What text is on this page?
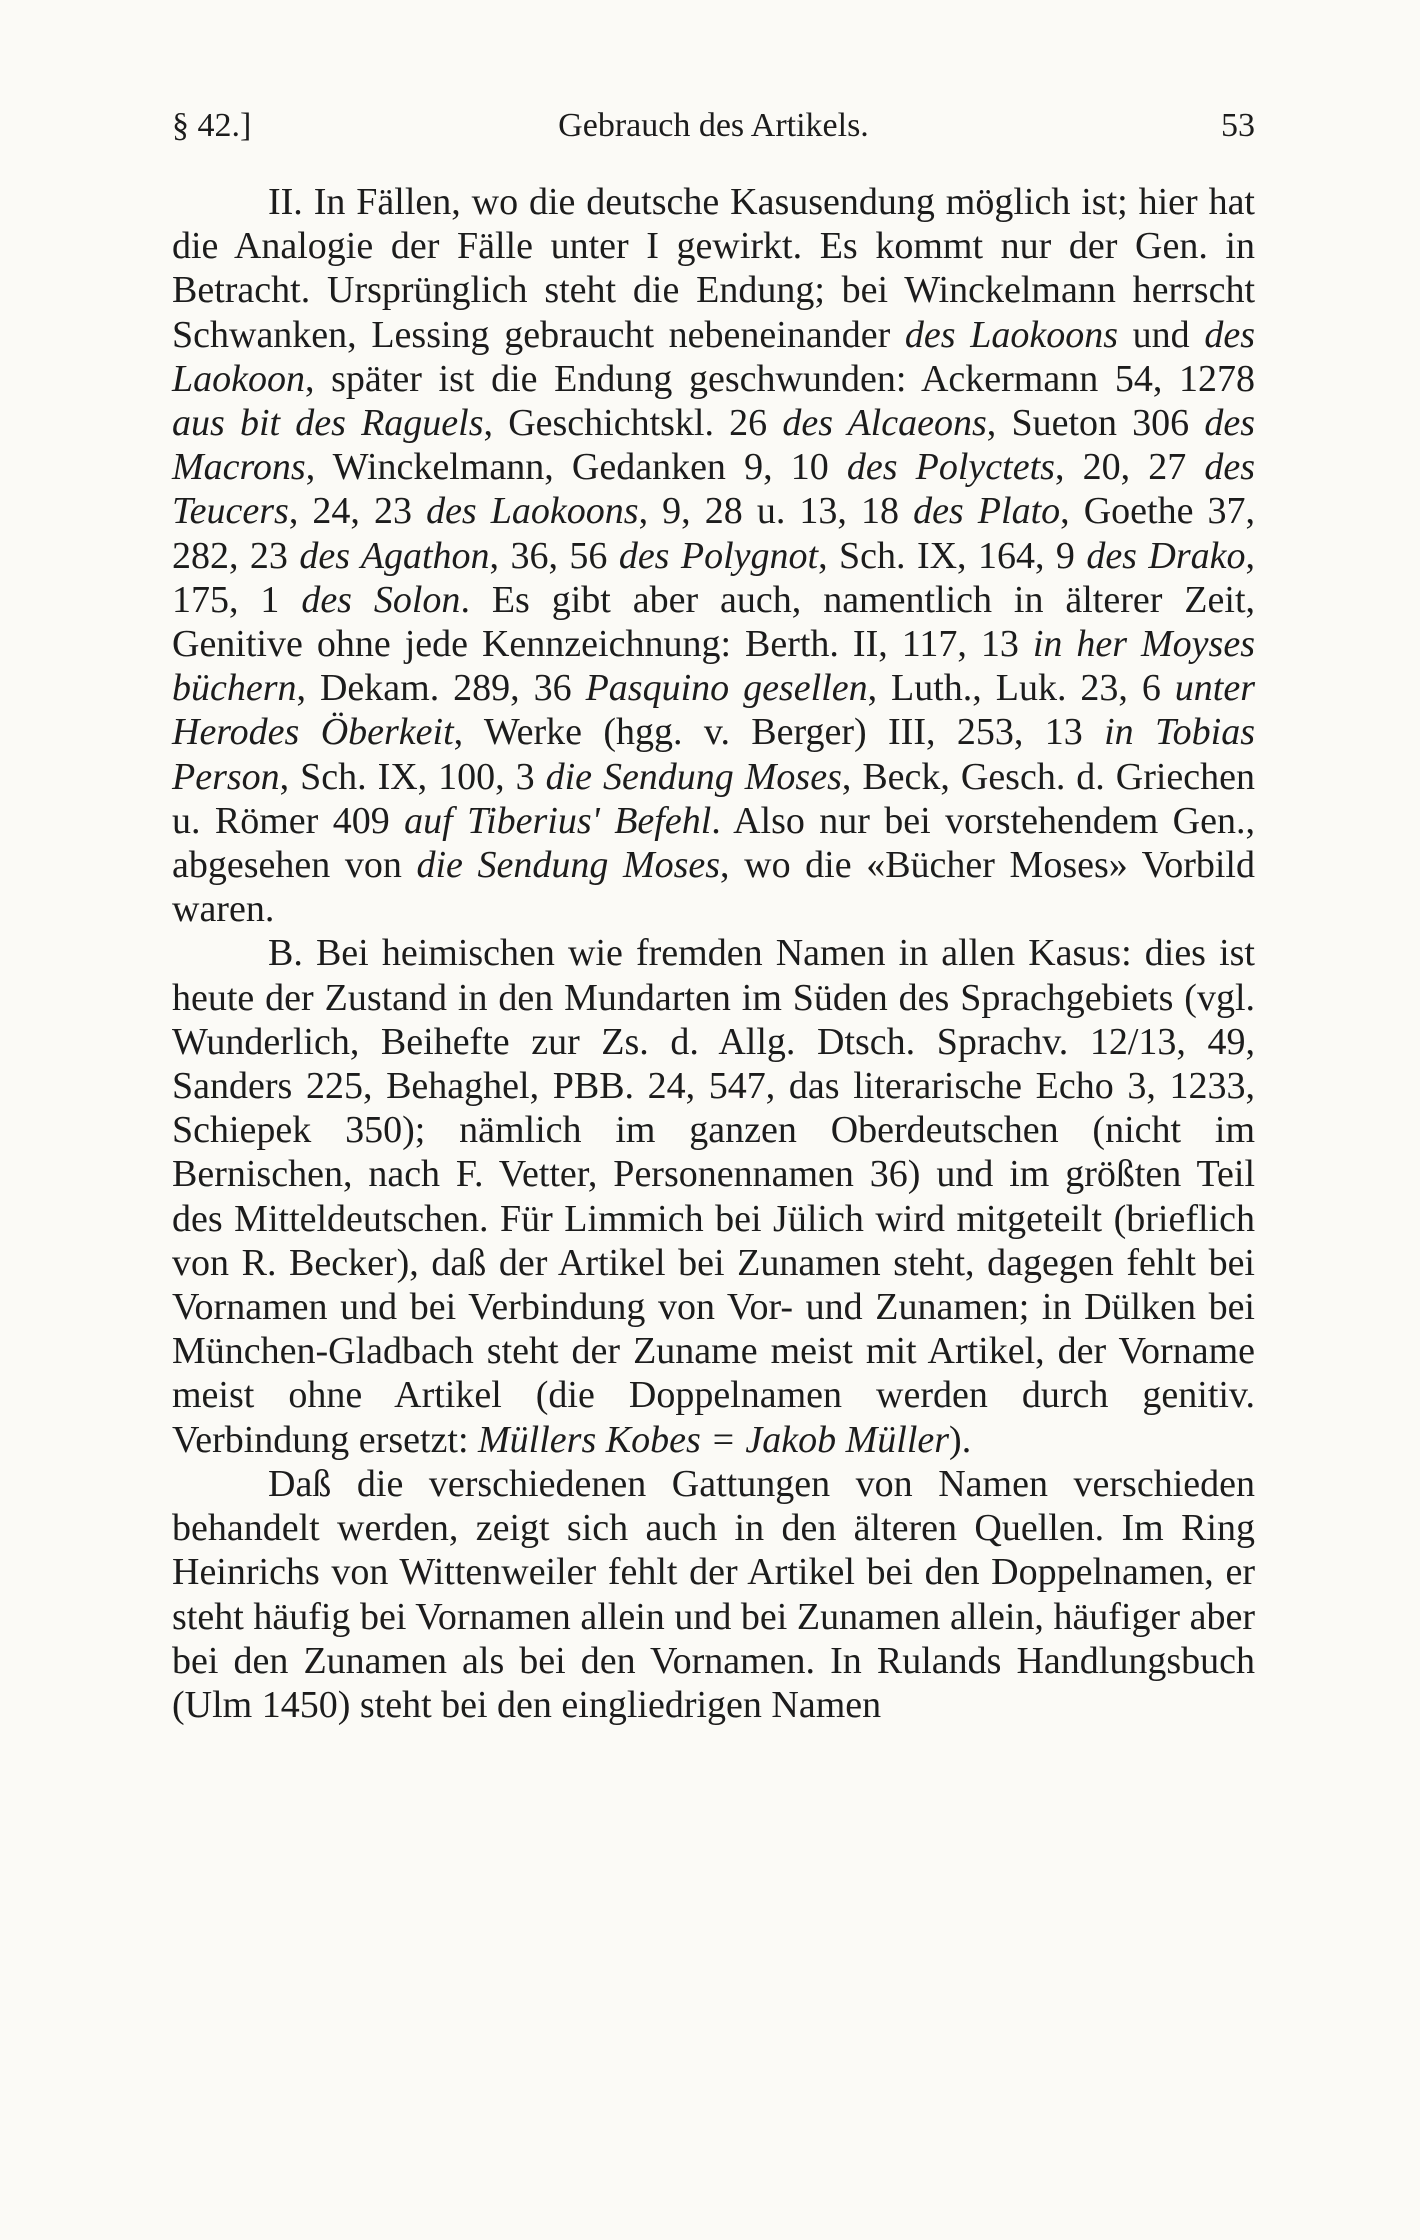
§ 42.]	Gebrauch des Artikels.	53

II. In Fällen, wo die deutsche Kasusendung möglich ist; hier hat die Analogie der Fälle unter I gewirkt. Es kommt nur der Gen. in Betracht. Ursprünglich steht die Endung; bei Winckelmann herrscht Schwanken, Lessing gebraucht nebeneinander des Laokoons und des Laokoon, später ist die Endung geschwunden: Ackermann 54, 1278 aus bit des Raguels, Geschichtskl. 26 des Alcaeons, Sueton 306 des Macrons, Winckelmann, Gedanken 9, 10 des Polyctets, 20, 27 des Teucers, 24, 23 des Laokoons, 9, 28 u. 13, 18 des Plato, Goethe 37, 282, 23 des Agathon, 36, 56 des Polygnot, Sch. IX, 164, 9 des Drako, 175, 1 des Solon. Es gibt aber auch, namentlich in älterer Zeit, Genitive ohne jede Kennzeichnung: Berth. II, 117, 13 in her Moyses büchern, Dekam. 289, 36 Pasquino gesellen, Luth., Luk. 23, 6 unter Herodes Öberkeit, Werke (hgg. v. Berger) III, 253, 13 in Tobias Person, Sch. IX, 100, 3 die Sendung Moses, Beck, Gesch. d. Griechen u. Römer 409 auf Tiberius' Befehl. Also nur bei vorstehendem Gen., abgesehen von die Sendung Moses, wo die «Bücher Moses» Vorbild waren.

B. Bei heimischen wie fremden Namen in allen Kasus: dies ist heute der Zustand in den Mundarten im Süden des Sprachgebiets (vgl. Wunderlich, Beihefte zur Zs. d. Allg. Dtsch. Sprachv. 12/13, 49, Sanders 225, Behaghel, PBB. 24, 547, das literarische Echo 3, 1233, Schiepek 350); nämlich im ganzen Oberdeutschen (nicht im Bernischen, nach F. Vetter, Personennamen 36) und im größten Teil des Mitteldeutschen. Für Limmich bei Jülich wird mitgeteilt (brieflich von R. Becker), daß der Artikel bei Zunamen steht, dagegen fehlt bei Vornamen und bei Verbindung von Vor- und Zunamen; in Dülken bei München-Gladbach steht der Zuname meist mit Artikel, der Vorname meist ohne Artikel (die Doppelnamen werden durch genitiv. Verbindung ersetzt: Müllers Kobes = Jakob Müller).

Daß die verschiedenen Gattungen von Namen verschieden behandelt werden, zeigt sich auch in den älteren Quellen. Im Ring Heinrichs von Wittenweiler fehlt der Artikel bei den Doppelnamen, er steht häufig bei Vornamen allein und bei Zunamen allein, häufiger aber bei den Zunamen als bei den Vornamen. In Rulands Handlungsbuch (Ulm 1450) steht bei den eingliedrigen Namen
